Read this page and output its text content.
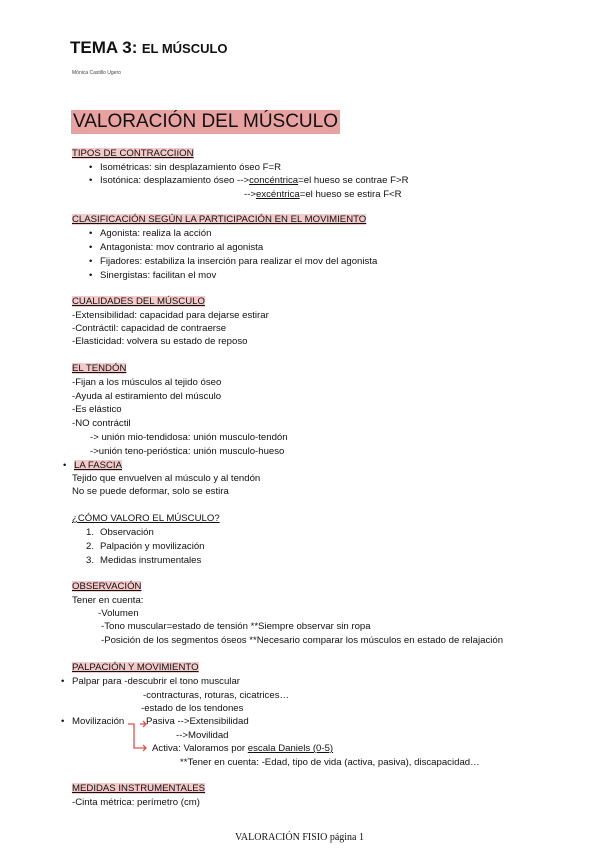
TEMA 3: EL MÚSCULO
Mónica Castillo Ugero
VALORACIÓN DEL MÚSCULO
TIPOS DE CONTRACCIíON
• Isométricas: sin desplazamiento óseo F=R
• Isotónica: desplazamiento óseo -->concéntrica=el hueso se contrae F>R
-->excéntrica=el hueso se estira F<R
CLASIFICACIÓN SEGÚN LA PARTICIPACIÓN EN EL MOVIMIENTO
• Agonista: realiza la acción
• Antagonista: mov contrario al agonista
• Fijadores: estabiliza la inserción para realizar el mov del agonista
• Sinergistas: facilitan el mov
CUALIDADES DEL MÚSCULO
-Extensibilidad: capacidad para dejarse estirar
-Contráctil: capacidad de contraerse
-Elasticidad: volvera su estado de reposo
EL TENDÓN
-Fijan a los músculos al tejido óseo
-Ayuda al estiramiento del músculo
-Es elástico
-NO contráctil
-> unión mio-tendidosa: unión musculo-tendón
->unión teno-perióstica: unión musculo-hueso
• LA FASCIA
Tejido que envuelven al músculo y al tendón
No se puede deformar, solo se estira
¿CÓMO VALORO EL MÚSCULO?
1. Observación
2. Palpación y movilización
3. Medidas instrumentales
OBSERVACIÓN
Tener en cuenta:
-Volumen
-Tono muscular=estado de tensión **Siempre observar sin ropa
-Posición de los segmentos óseos **Necesario comparar los músculos en estado de relajación
PALPACIÓN Y MOVIMIENTO
• Palpar para -descubrir el tono muscular
-contracturas, roturas, cicatrices…
-estado de los tendones
• Movilización Pasiva -->Extensibilidad
-->Movilidad
Activa: Valoramos por escala Daniels (0-5)
**Tener en cuenta: -Edad, tipo de vida (activa, pasiva), discapacidad…
MEDIDAS INSTRUMENTALES
-Cinta métrica: perímetro (cm)
VALORACIÓN FISIO página 1
